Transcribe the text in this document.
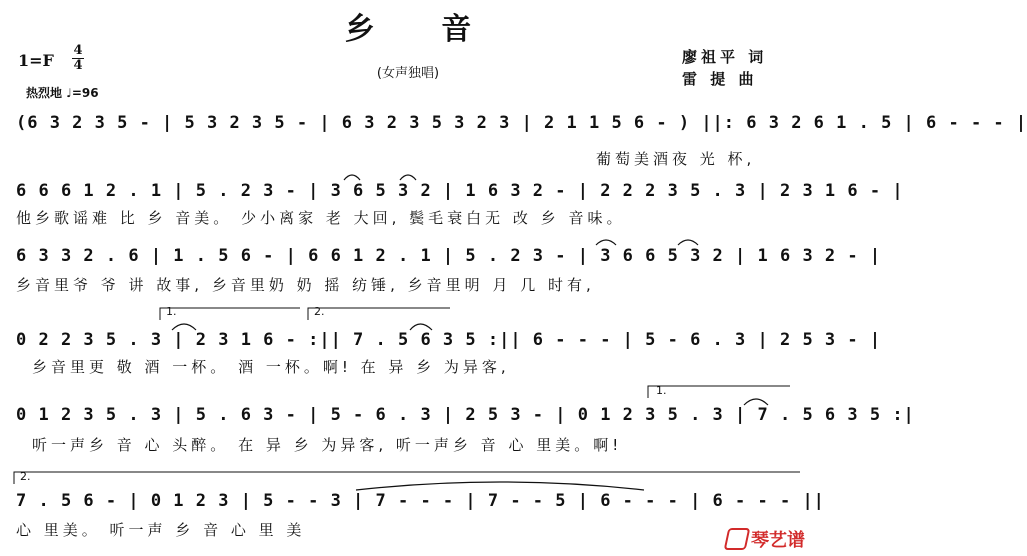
乡 音
(女声独唱)
1=F
4
4
热烈地 ♩=96
廖祖平 词
雷 提 曲
(6 3 2 3 5 - | 5 3 2 3 5 - | 6 3 2 3 5 3 2 3 | 2 1 1 5 6 - ) ||: 6 3 2 6 1 . 5 | 6 - - - |
葡萄美酒夜 光 杯,
6 6 6 1 2 . 1 | 5 . 2 3 - | 3 6 5 3 2 | 1 6 3 2 - | 2 2 2 3 5 . 3 | 2 3 1 6 - |
他乡歌谣难 比 乡 音美。 少小离家 老 大回, 鬓毛衰白无 改 乡 音味。
6 3 3 2 . 6 | 1 . 5 6 - | 6 6 1 2 . 1 | 5 . 2 3 - | 3 6 6 5 3 2 | 1 6 3 2 - |
乡音里爷 爷 讲 故事, 乡音里奶 奶 摇 纺锤, 乡音里明 月 几 时有,
0 2 2 3 5 . 3 | 2 3 1 6 - :|| 7 . 5 6 3 5 :|| 6 - - - | 5 - 6 . 3 | 2 5 3 - |
乡音里更 敬 酒 一杯。 酒 一杯。啊! 在 异 乡 为异客,
0 1 2 3 5 . 3 | 5 . 6 3 - | 5 - 6 . 3 | 2 5 3 - | 0 1 2 3 5 . 3 | 7 . 5 6 3 5 :|
听一声乡 音 心 头醉。 在 异 乡 为异客, 听一声乡 音 心 里美。啊!
7 . 5 6 - | 0 1 2 3 | 5 - - 3 | 7 - - - | 7 - - 5 | 6 - - - | 6 - - - ||
心 里美。 听一声 乡 音 心 里 美
1.	2.
1.
2.
琴艺谱
